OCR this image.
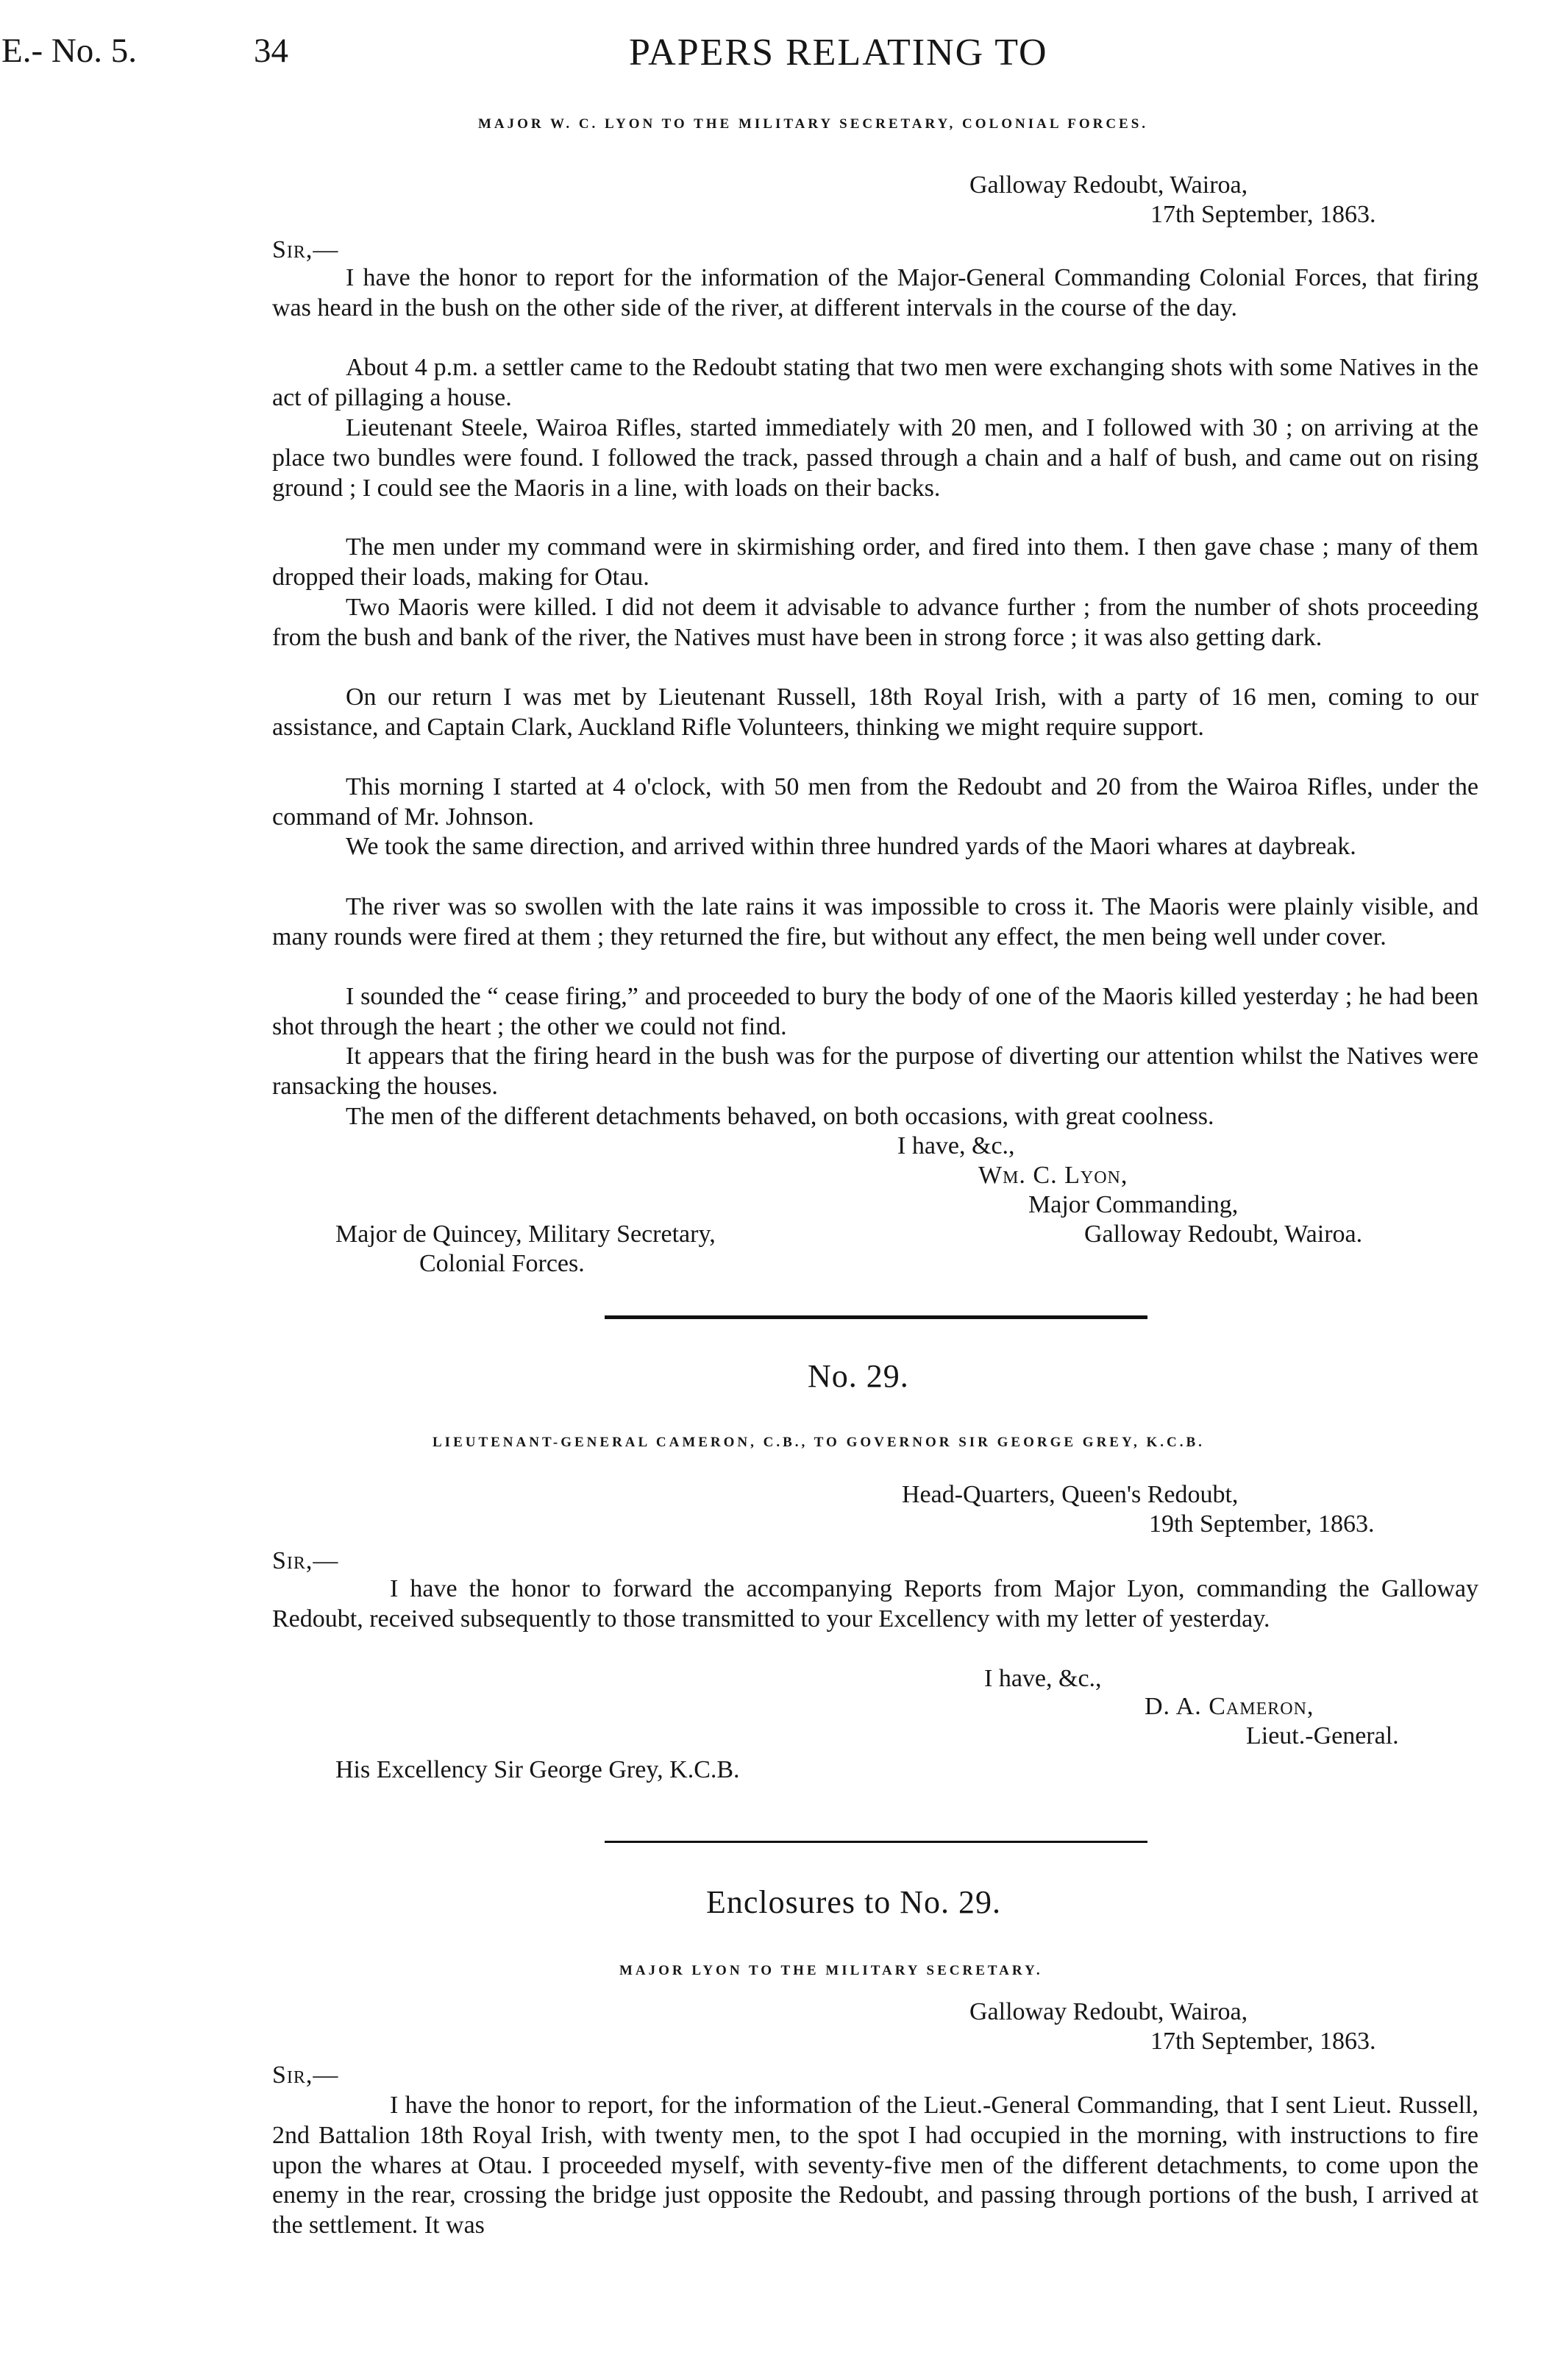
E.- No. 5.	34	PAPERS RELATING TO
MAJOR W. C. LYON TO THE MILITARY SECRETARY, COLONIAL FORCES.
Galloway Redoubt, Wairoa,
17th September, 1863.
Sir,—
I have the honor to report for the information of the Major-General Commanding Colonial Forces, that firing was heard in the bush on the other side of the river, at different intervals in the course of the day.
About 4 p.m. a settler came to the Redoubt stating that two men were exchanging shots with some Natives in the act of pillaging a house.
Lieutenant Steele, Wairoa Rifles, started immediately with 20 men, and I followed with 30 ; on arriving at the place two bundles were found. I followed the track, passed through a chain and a half of bush, and came out on rising ground ; I could see the Maoris in a line, with loads on their backs.
The men under my command were in skirmishing order, and fired into them. I then gave chase ; many of them dropped their loads, making for Otau.
Two Maoris were killed. I did not deem it advisable to advance further ; from the number of shots proceeding from the bush and bank of the river, the Natives must have been in strong force ; it was also getting dark.
On our return I was met by Lieutenant Russell, 18th Royal Irish, with a party of 16 men, coming to our assistance, and Captain Clark, Auckland Rifle Volunteers, thinking we might require support.
This morning I started at 4 o'clock, with 50 men from the Redoubt and 20 from the Wairoa Rifles, under the command of Mr. Johnson.
We took the same direction, and arrived within three hundred yards of the Maori whares at daybreak.
The river was so swollen with the late rains it was impossible to cross it. The Maoris were plainly visible, and many rounds were fired at them ; they returned the fire, but without any effect, the men being well under cover.
I sounded the “ cease firing,” and proceeded to bury the body of one of the Maoris killed yesterday ; he had been shot through the heart ; the other we could not find.
It appears that the firing heard in the bush was for the purpose of diverting our attention whilst the Natives were ransacking the houses.
The men of the different detachments behaved, on both occasions, with great coolness.
I have, &c.,
Wm. C. Lyon,
Major Commanding,
Galloway Redoubt, Wairoa.
Major de Quincey, Military Secretary,
Colonial Forces.
No. 29.
LIEUTENANT-GENERAL CAMERON, C.B., TO GOVERNOR SIR GEORGE GREY, K.C.B.
Head-Quarters, Queen's Redoubt,
19th September, 1863.
Sir,—
I have the honor to forward the accompanying Reports from Major Lyon, commanding the Galloway Redoubt, received subsequently to those transmitted to your Excellency with my letter of yesterday.
I have, &c.,
D. A. Cameron,
Lieut.-General.
His Excellency Sir George Grey, K.C.B.
Enclosures to No. 29.
MAJOR LYON TO THE MILITARY SECRETARY.
Galloway Redoubt, Wairoa,
17th September, 1863.
Sir,—
I have the honor to report, for the information of the Lieut.-General Commanding, that I sent Lieut. Russell, 2nd Battalion 18th Royal Irish, with twenty men, to the spot I had occupied in the morning, with instructions to fire upon the whares at Otau. I proceeded myself, with seventy-five men of the different detachments, to come upon the enemy in the rear, crossing the bridge just opposite the Redoubt, and passing through portions of the bush, I arrived at the settlement. It was
